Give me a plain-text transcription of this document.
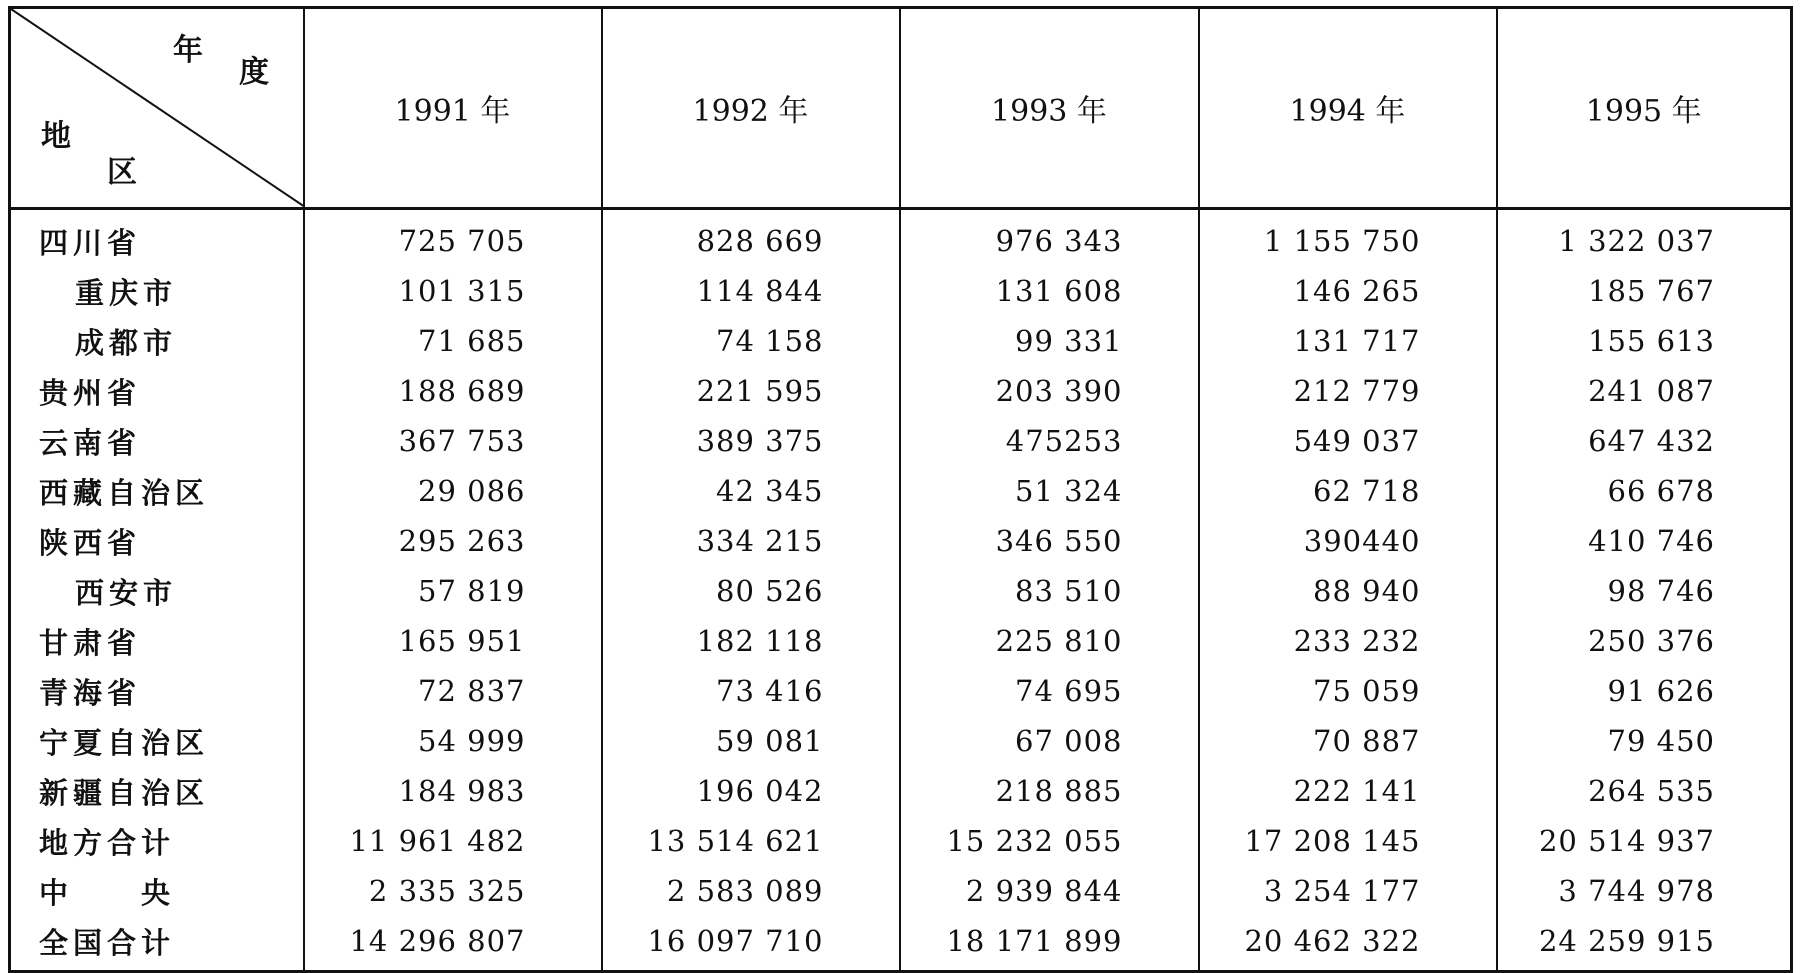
年
度
地
区	1991 年	1992 年	1993 年	1994 年	1995 年
四川省	725 705	828 669	976 343	1 155 750	1 322 037
重庆市	101 315	114 844	131 608	146 265	185 767
成都市	71 685	74 158	99 331	131 717	155 613
贵州省	188 689	221 595	203 390	212 779	241 087
云南省	367 753	389 375	475253	549 037	647 432
西藏自治区	29 086	42 345	51 324	62 718	66 678
陕西省	295 263	334 215	346 550	390440	410 746
西安市	57 819	80 526	83 510	88 940	98 746
甘肃省	165 951	182 118	225 810	233 232	250 376
青海省	72 837	73 416	74 695	75 059	91 626
宁夏自治区	54 999	59 081	67 008	70 887	79 450
新疆自治区	184 983	196 042	218 885	222 141	264 535
地方合计	11 961 482	13 514 621	15 232 055	17 208 145	20 514 937
中　　央	2 335 325	2 583 089	2 939 844	3 254 177	3 744 978
全国合计	14 296 807	16 097 710	18 171 899	20 462 322	24 259 915
